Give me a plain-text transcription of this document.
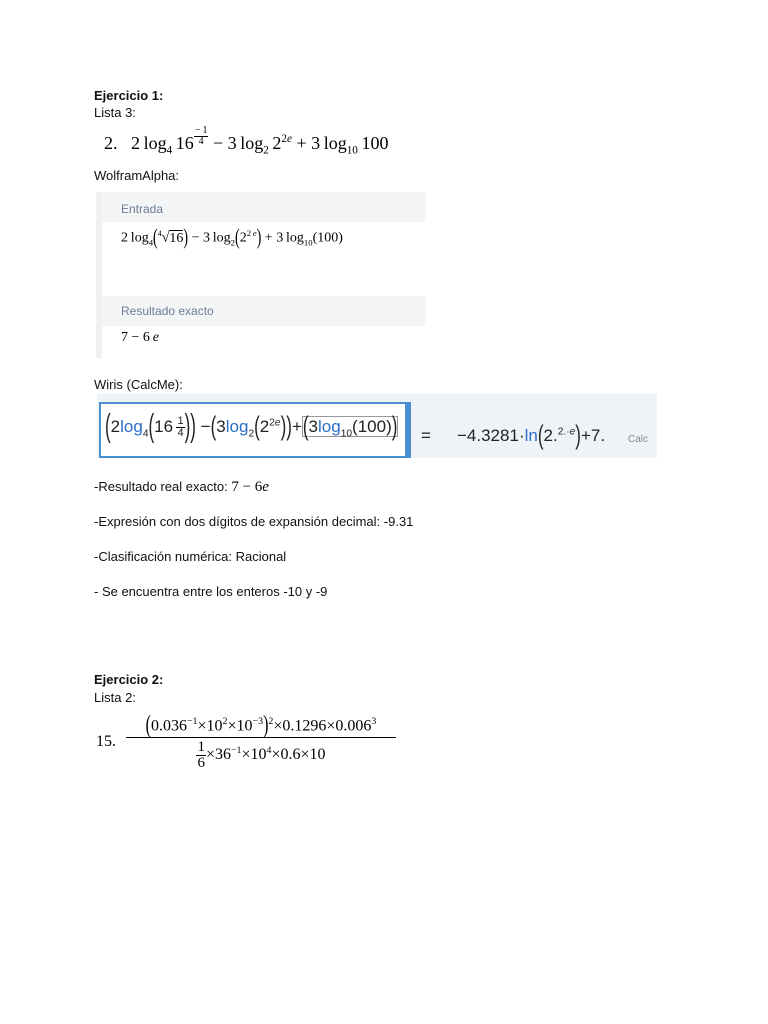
Ejercicio 1:
Lista 3:
2.   2 $\log_4 16$ $^{\frac{- 1}{4}}$ − 3 $\log_2 2^{2e} + 3$ $\log_{10} 100$
WolframAlpha:
Entrada
2 $\log_4(^4√16) - 3$ $\log_2(2^{2 e}) + 3$ $\log_{10}(100)$
Resultado exacto
7 − 6  e
Wiris (CalcMe):
($2\log_4(16 \frac{1}{4}$ )) $-(3\log_2(2^{2e}))+(3\log_{10}(100)) = -4.3281\cdot\ln(2.^{2.\cdot e})+7$. Calc
-Resultado real exacto: 7 − 6e
-Expresión con dos dígitos de expansión decimal: -9.31
-Clasificación numérica: Racional
- Se encuentra entre los enteros -10 y -9
Ejercicio 2:
Lista 2:
15.
$(0.036^{-1}\times 10^2\times 10^{-3})^2\times 0.1296\times 0.006^3$
$\frac{1}{6} \times 36^{-1}\times 10^4\times 0.6\times 10$
